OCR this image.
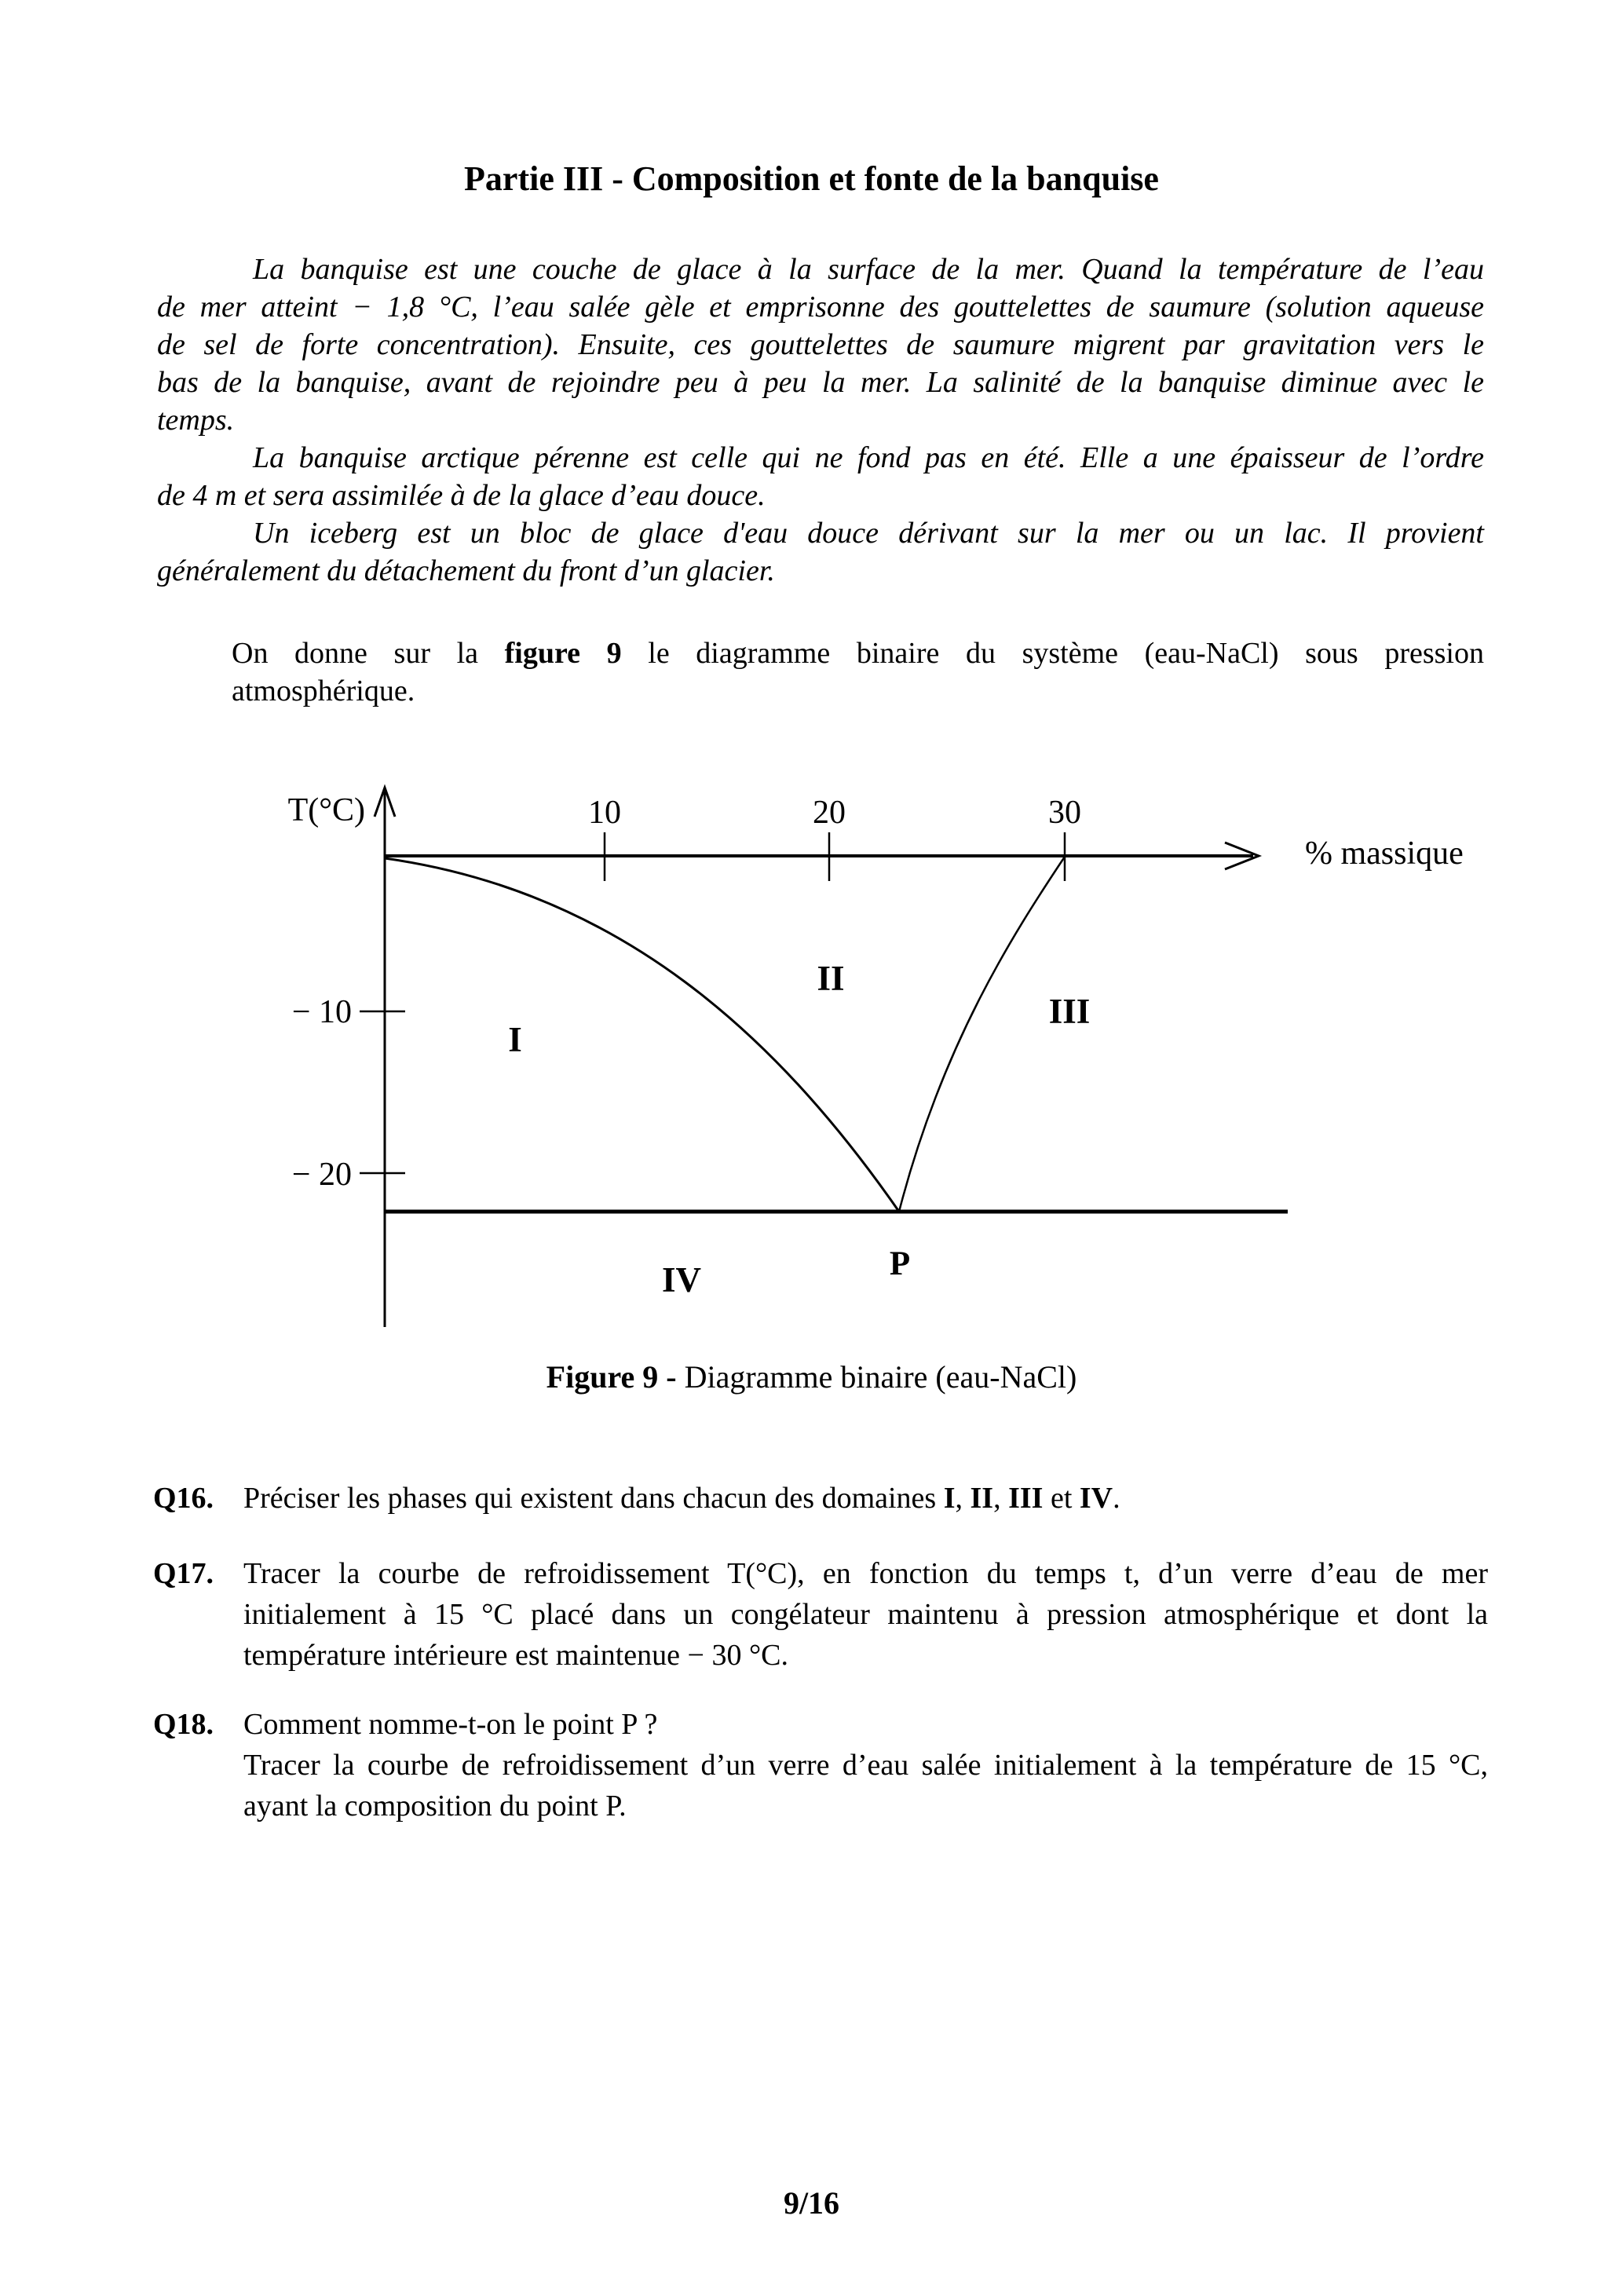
Partie III - Composition et fonte de la banquise
La banquise est une couche de glace à la surface de la mer. Quand la température de l’eau
de mer atteint − 1,8 °C, l’eau salée gèle et emprisonne des gouttelettes de saumure (solution aqueuse
de sel de forte concentration). Ensuite, ces gouttelettes de saumure migrent par gravitation vers le
bas de la banquise, avant de rejoindre peu à peu la mer. La salinité de la banquise diminue avec le
temps.
La banquise arctique pérenne est celle qui ne fond pas en été. Elle a une épaisseur de l’ordre
de 4 m et sera assimilée à de la glace d’eau douce.
Un iceberg est un bloc de glace d'eau douce dérivant sur la mer ou un lac. Il provient
généralement du détachement du front d’un glacier.
On donne sur la figure 9 le diagramme binaire du système (eau-NaCl) sous pression
atmosphérique.
T(°C)
% massique
10	20	30
− 10
− 20
I
II
III
IV	P
Figure 9 - Diagramme binaire (eau-NaCl)
Q16. Préciser les phases qui existent dans chacun des domaines I, II, III et IV.
Q17. Tracer la courbe de refroidissement T(°C), en fonction du temps t, d’un verre d’eau de mer
initialement à 15 °C placé dans un congélateur maintenu à pression atmosphérique et dont la
température intérieure est maintenue − 30 °C.
Q18. Comment nomme-t-on le point P ?
Tracer la courbe de refroidissement d’un verre d’eau salée initialement à la température de 15 °C,
ayant la composition du point P.
9/16
